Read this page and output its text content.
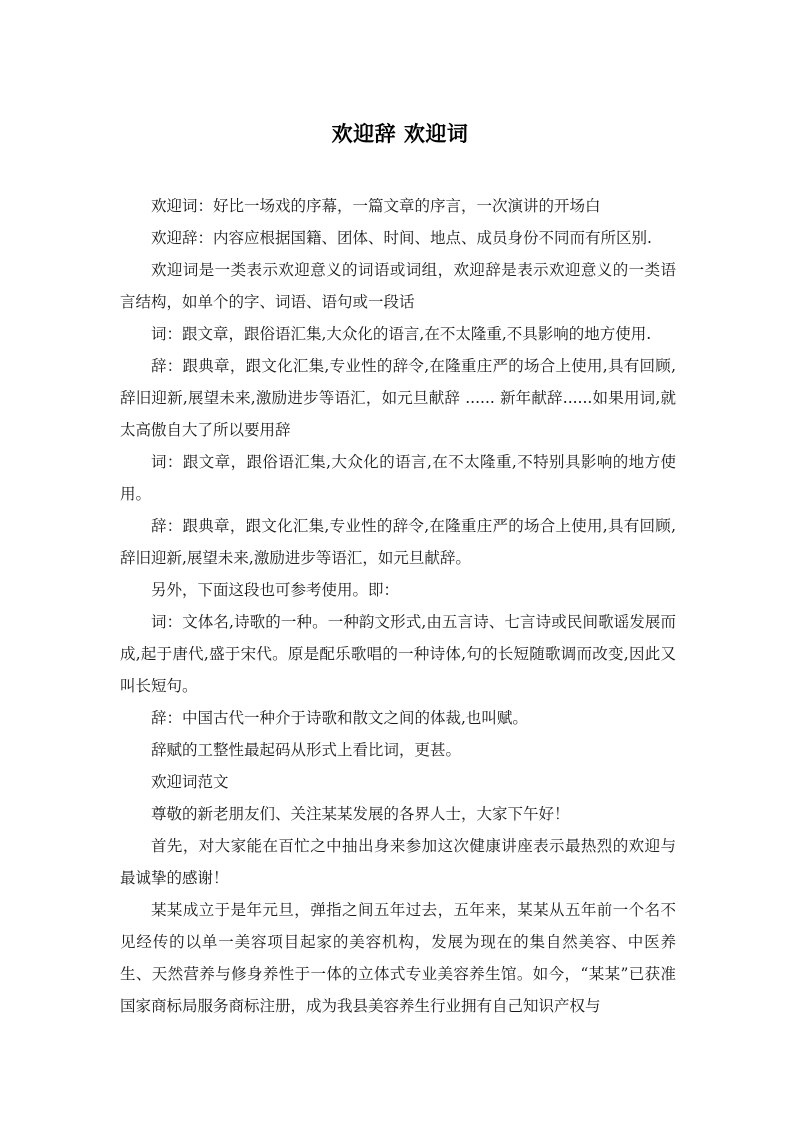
欢迎辞 欢迎词

欢迎词：好比一场戏的序幕，一篇文章的序言，一次演讲的开场白

欢迎辞：内容应根据国籍、团体、时间、地点、成员身份不同而有所区别.

欢迎词是一类表示欢迎意义的词语或词组，欢迎辞是表示欢迎意义的一类语言结构，如单个的字、词语、语句或一段话

词：跟文章，跟俗语汇集,大众化的语言,在不太隆重,不具影响的地方使用.

辞：跟典章，跟文化汇集,专业性的辞令,在隆重庄严的场合上使用,具有回顾,辞旧迎新,展望未来,激励进步等语汇，如元旦献辞 ...... 新年献辞......如果用词,就太高傲自大了所以要用辞

词：跟文章，跟俗语汇集,大众化的语言,在不太隆重,不特别具影响的地方使用。

辞：跟典章，跟文化汇集,专业性的辞令,在隆重庄严的场合上使用,具有回顾,辞旧迎新,展望未来,激励进步等语汇，如元旦献辞。

另外，下面这段也可参考使用。即：

词：文体名,诗歌的一种。一种韵文形式,由五言诗、七言诗或民间歌谣发展而成,起于唐代,盛于宋代。原是配乐歌唱的一种诗体,句的长短随歌调而改变,因此又叫长短句。

辞：中国古代一种介于诗歌和散文之间的体裁,也叫赋。

辞赋的工整性最起码从形式上看比词，更甚。

欢迎词范文

尊敬的新老朋友们、关注某某发展的各界人士，大家下午好！

首先，对大家能在百忙之中抽出身来参加这次健康讲座表示最热烈的欢迎与最诚挚的感谢！

某某成立于是年元旦，弹指之间五年过去，五年来，某某从五年前一个名不见经传的以单一美容项目起家的美容机构，发展为现在的集自然美容、中医养生、天然营养与修身养性于一体的立体式专业美容养生馆。如今，“某某”已获准国家商标局服务商标注册，成为我县美容养生行业拥有自己知识产权与
